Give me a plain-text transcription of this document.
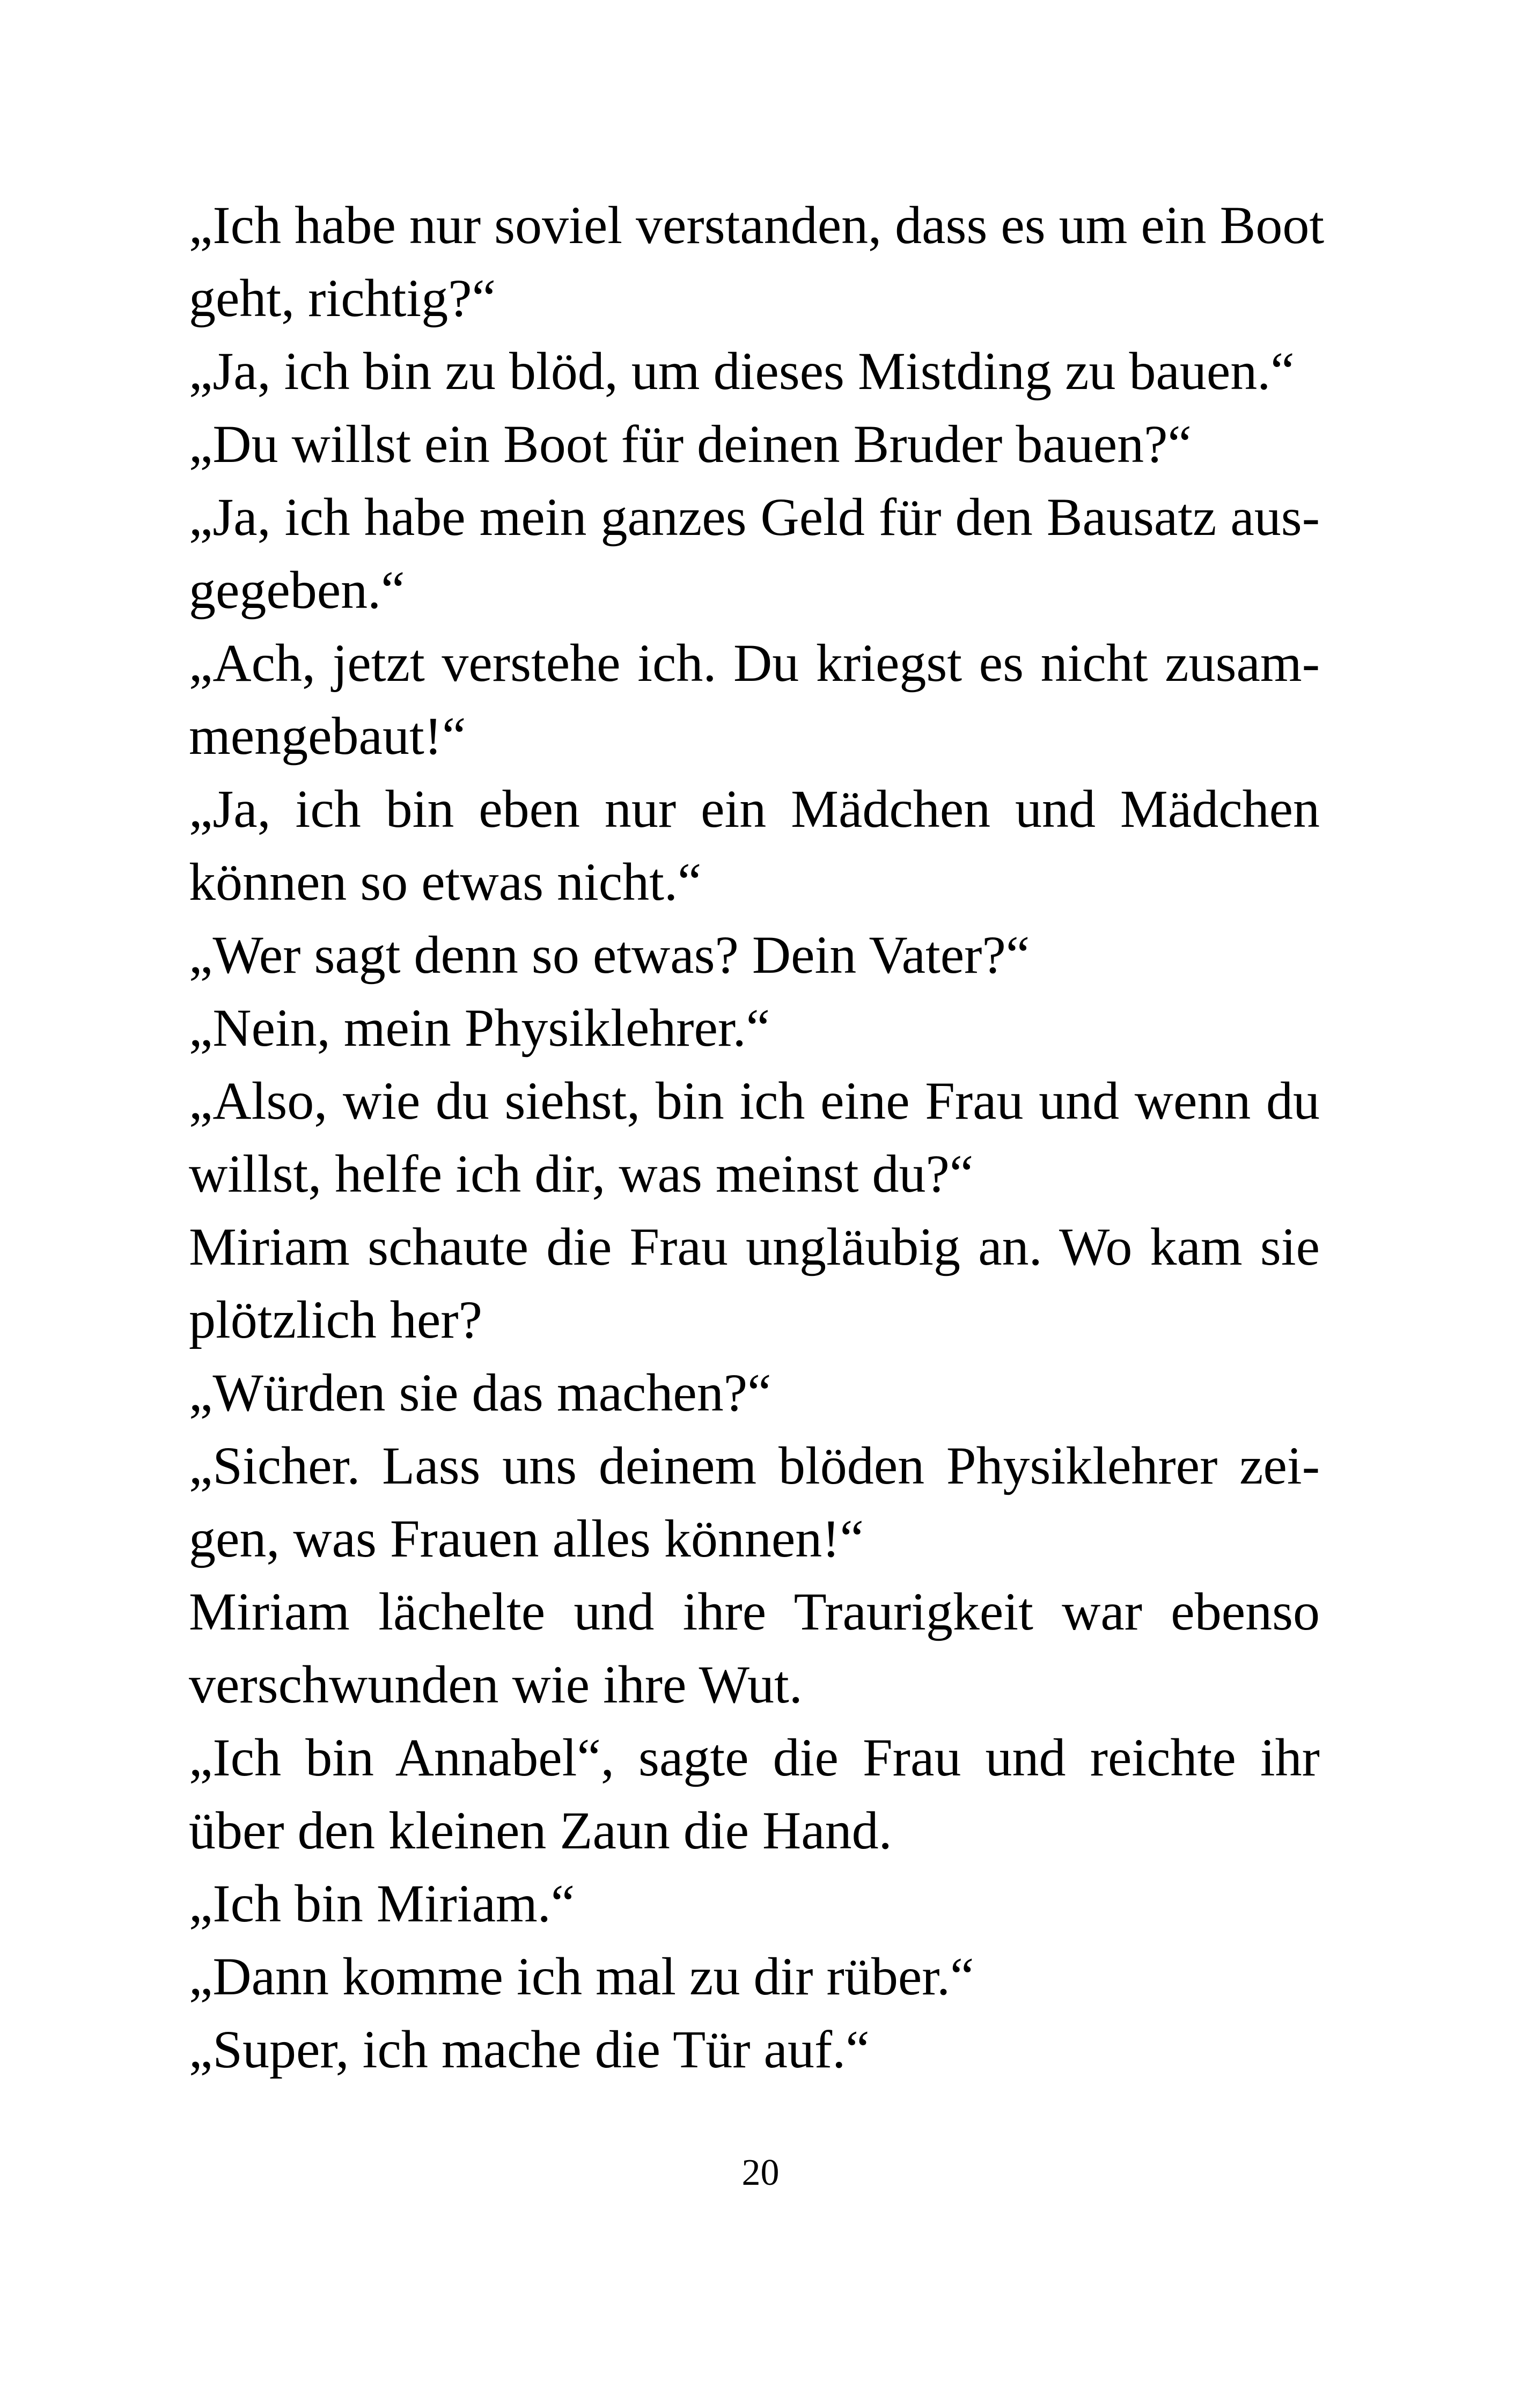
„Ich habe nur soviel verstanden, dass es um ein Boot
geht, richtig?“
„Ja, ich bin zu blöd, um dieses Mistding zu bauen.“
„Du willst ein Boot für deinen Bruder bauen?“
„Ja, ich habe mein ganzes Geld für den Bausatz aus-
gegeben.“
„Ach, jetzt verstehe ich. Du kriegst es nicht zusam-
mengebaut!“
„Ja, ich bin eben nur ein Mädchen und Mädchen
können so etwas nicht.“
„Wer sagt denn so etwas? Dein Vater?“
„Nein, mein Physiklehrer.“
„Also, wie du siehst, bin ich eine Frau und wenn du
willst, helfe ich dir, was meinst du?“
Miriam schaute die Frau ungläubig an. Wo kam sie
plötzlich her?
„Würden sie das machen?“
„Sicher. Lass uns deinem blöden Physiklehrer zei-
gen, was Frauen alles können!“
Miriam lächelte und ihre Traurigkeit war ebenso
verschwunden wie ihre Wut.
„Ich bin Annabel“, sagte die Frau und reichte ihr
über den kleinen Zaun die Hand.
„Ich bin Miriam.“
„Dann komme ich mal zu dir rüber.“
„Super, ich mache die Tür auf.“
20
